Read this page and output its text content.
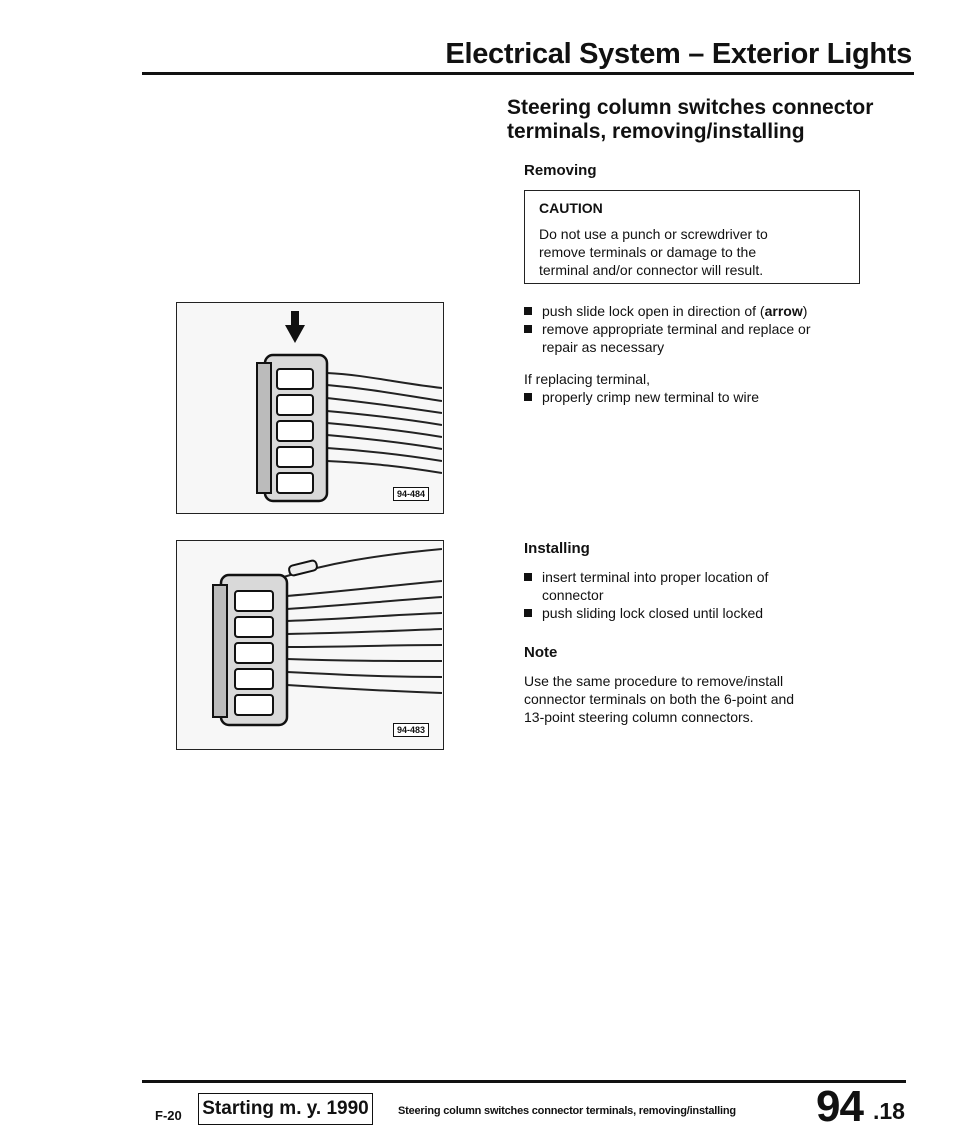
Electrical System – Exterior Lights
Steering column switches connector
terminals, removing/installing
Removing
CAUTION
Do not use a punch or screwdriver to
remove terminals or damage to the
terminal and/or connector will result.
push slide lock open in direction of (arrow)
remove appropriate terminal and replace or
repair as necessary
If replacing terminal,
properly crimp new terminal to wire
Installing
insert terminal into proper location of
connector
push sliding lock closed until locked
Note
Use the same procedure to remove/install
connector terminals on both the 6-point and
13-point steering column connectors.
94-484
94-483
F-20 Starting m. y. 1990	Steering column switches connector terminals, removing/installing 94 .18
